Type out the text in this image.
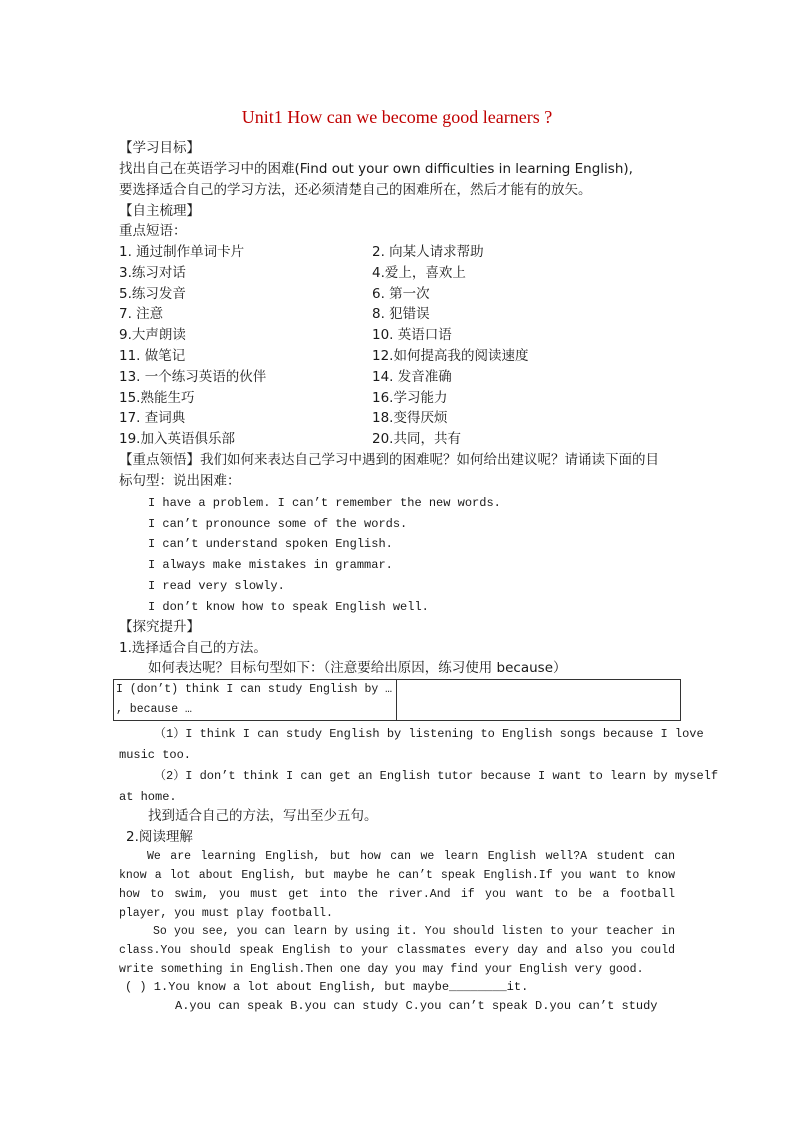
Unit1 How can we become good learners ?
【学习目标】
找出自己在英语学习中的困难(Find out your own difficulties in learning English),
要选择适合自己的学习方法，还必须清楚自己的困难所在，然后才能有的放矢。
【自主梳理】
重点短语：
1. 通过制作单词卡片	2. 向某人请求帮助
3.练习对话	4.爱上，喜欢上
5.练习发音	6. 第一次
7. 注意	8. 犯错误
9.大声朗读	10. 英语口语
11. 做笔记	12.如何提高我的阅读速度
13. 一个练习英语的伙伴	14. 发音准确
15.熟能生巧	16.学习能力
17. 查词典	18.变得厌烦
19.加入英语俱乐部	20.共同，共有
【重点领悟】我们如何来表达自己学习中遇到的困难呢？如何给出建议呢？请诵读下面的目
标句型：说出困难：
I have a problem. I can’t remember the new words.
I can’t pronounce some of the words.
I can’t understand spoken English.
I always make mistakes in grammar.
I read very slowly.
I don’t know how to speak English well.
【探究提升】
1.选择适合自己的方法。
如何表达呢？目标句型如下：（注意要给出原因，练习使用 because）
I (don’t) think I can study English by …
, because …
（1）I think I can study English by listening to English songs because I love
music too.
（2）I don’t think I can get an English tutor because I want to learn by myself
at home.
找到适合自己的方法，写出至少五句。
2.阅读理解
We are learning English, but how can we learn English well?A student can know a lot about English, but maybe he can’t speak English.If you want to know how to swim, you must get into the river.And if you want to be a football player, you must play football.
So you see, you can learn by using it. You should listen to your teacher in class.You should speak English to your classmates every day and also you could write something in English.Then one day you may find your English very good.
( ) 1.You know a lot about English, but maybe________it.
A.you can speak B.you can study C.you can’t speak D.you can’t study
